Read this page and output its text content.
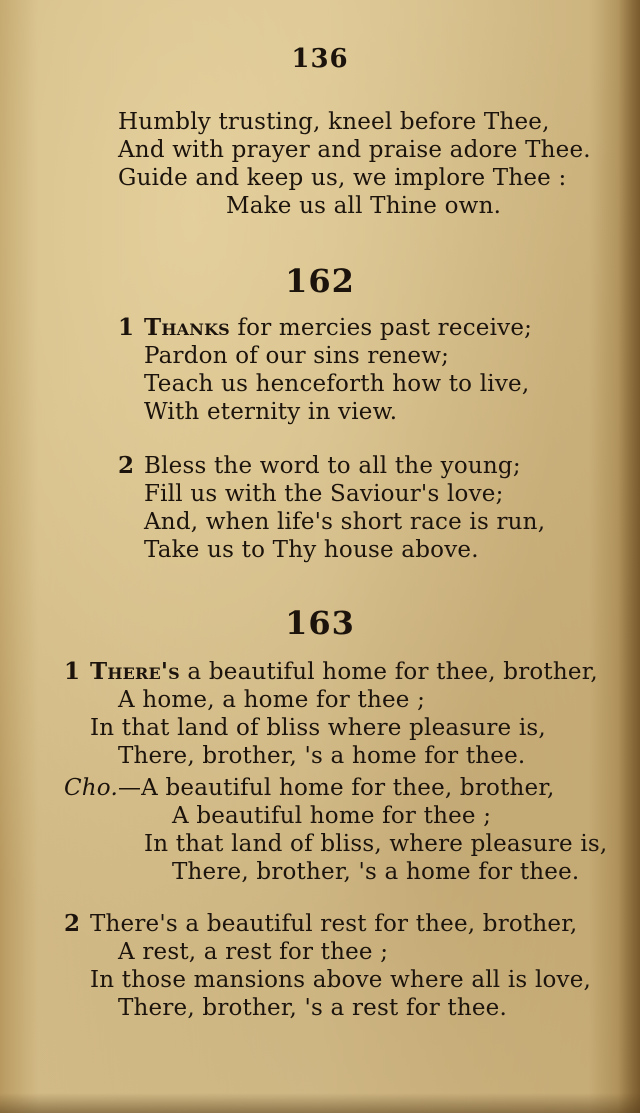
136
Humbly trusting, kneel before Thee,
And with prayer and praise adore Thee.
Guide and keep us, we implore Thee :
Make us all Thine own.
162
1 Thanks for mercies past receive;
Pardon of our sins renew;
Teach us henceforth how to live,
With eternity in view.
2 Bless the word to all the young;
Fill us with the Saviour's love;
And, when life's short race is run,
Take us to Thy house above.
163
1 There's a beautiful home for thee, brother,
A home, a home for thee ;
In that land of bliss where pleasure is,
There, brother, 's a home for thee.
Cho.—A beautiful home for thee, brother,
A beautiful home for thee ;
In that land of bliss, where pleasure is,
There, brother, 's a home for thee.
2 There's a beautiful rest for thee, brother,
A rest, a rest for thee ;
In those mansions above where all is love,
There, brother, 's a rest for thee.
